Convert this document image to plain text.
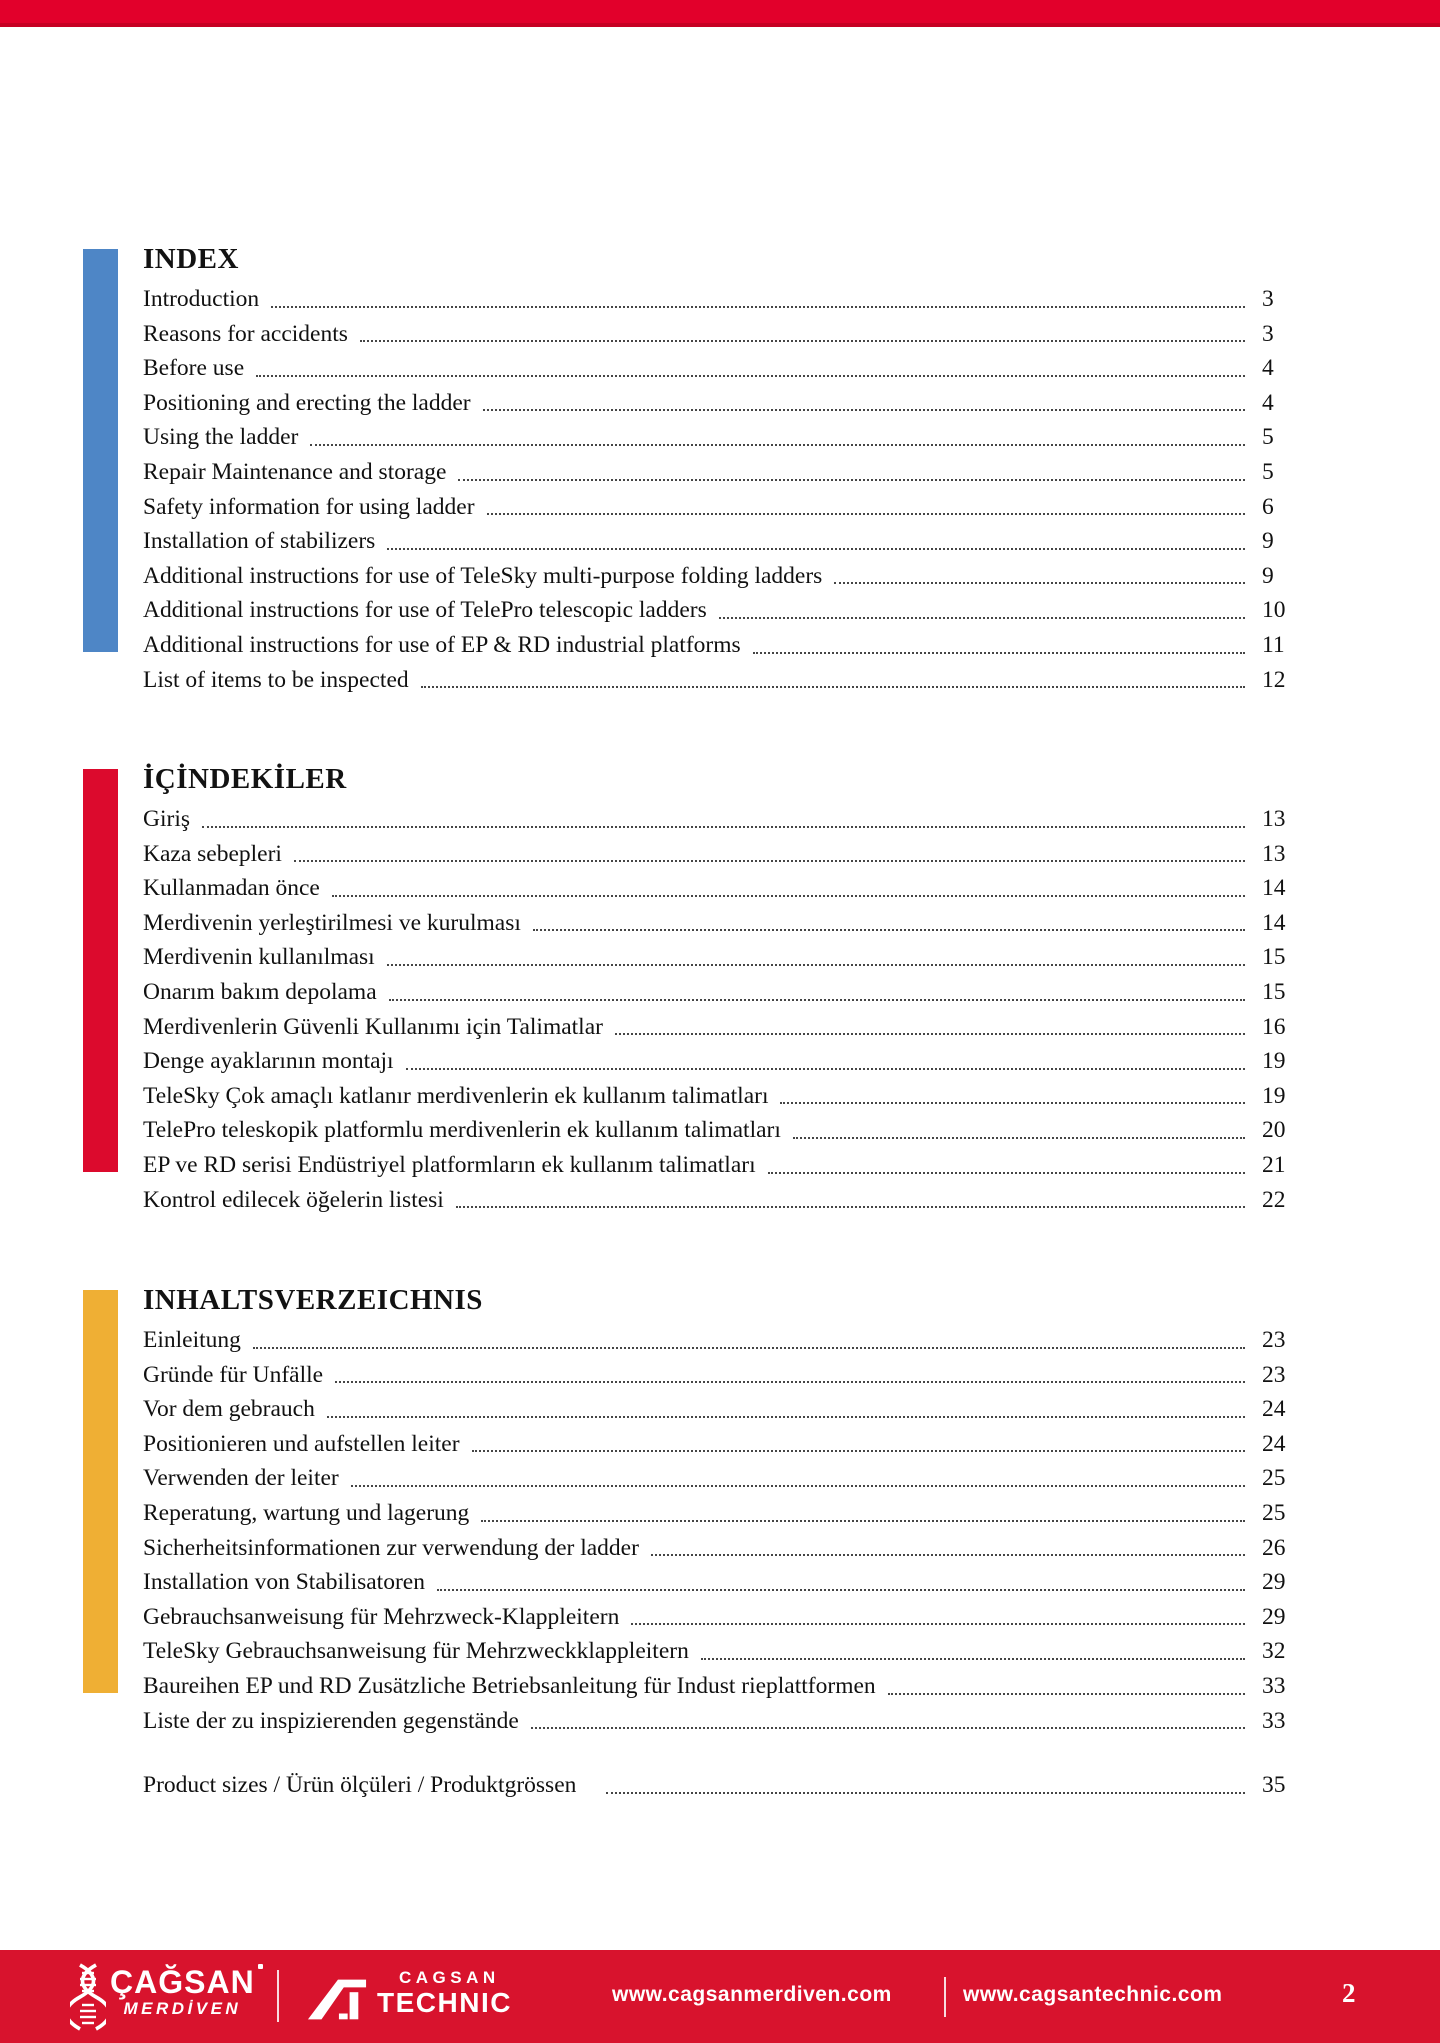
INDEX
Introduction	3
Reasons for accidents	3
Before use	4
Positioning and erecting the ladder	4
Using the ladder	5
Repair Maintenance and storage	5
Safety information for using ladder	6
Installation of stabilizers	9
Additional instructions for use of TeleSky multi-purpose folding ladders	9
Additional instructions for use of TelePro telescopic ladders	10
Additional instructions for use of EP & RD industrial platforms	11
List of items to be inspected	12
İÇİNDEKİLER
Giriş	13
Kaza sebepleri	13
Kullanmadan önce	14
Merdivenin yerleştirilmesi ve kurulması	14
Merdivenin kullanılması	15
Onarım bakım depolama	15
Merdivenlerin Güvenli Kullanımı için Talimatlar	16
Denge ayaklarının montajı	19
TeleSky Çok amaçlı katlanır merdivenlerin ek kullanım talimatları	19
TelePro teleskopik platformlu merdivenlerin ek kullanım talimatları	20
EP ve RD serisi Endüstriyel platformların ek kullanım talimatları	21
Kontrol edilecek öğelerin listesi	22
INHALTSVERZEICHNIS
Einleitung	23
Gründe für Unfälle	23
Vor dem gebrauch	24
Positionieren und aufstellen leiter	24
Verwenden der leiter	25
Reperatung, wartung und lagerung	25
Sicherheitsinformationen zur verwendung der ladder	26
Installation von Stabilisatoren	29
Gebrauchsanweisung für Mehrzweck-Klappleitern	29
TeleSky Gebrauchsanweisung für Mehrzweckklappleitern	32
Baureihen EP und RD Zusätzliche Betriebsanleitung für Indust rieplattformen	33
Liste der zu inspizierenden gegenstände	33
Product sizes / Ürün ölçüleri / Produktgrössen	35
ÇAĞSAN
MERDİVEN
CAGSAN
TECHNIC	www.cagsanmerdiven.com	www.cagsantechnic.com	2
